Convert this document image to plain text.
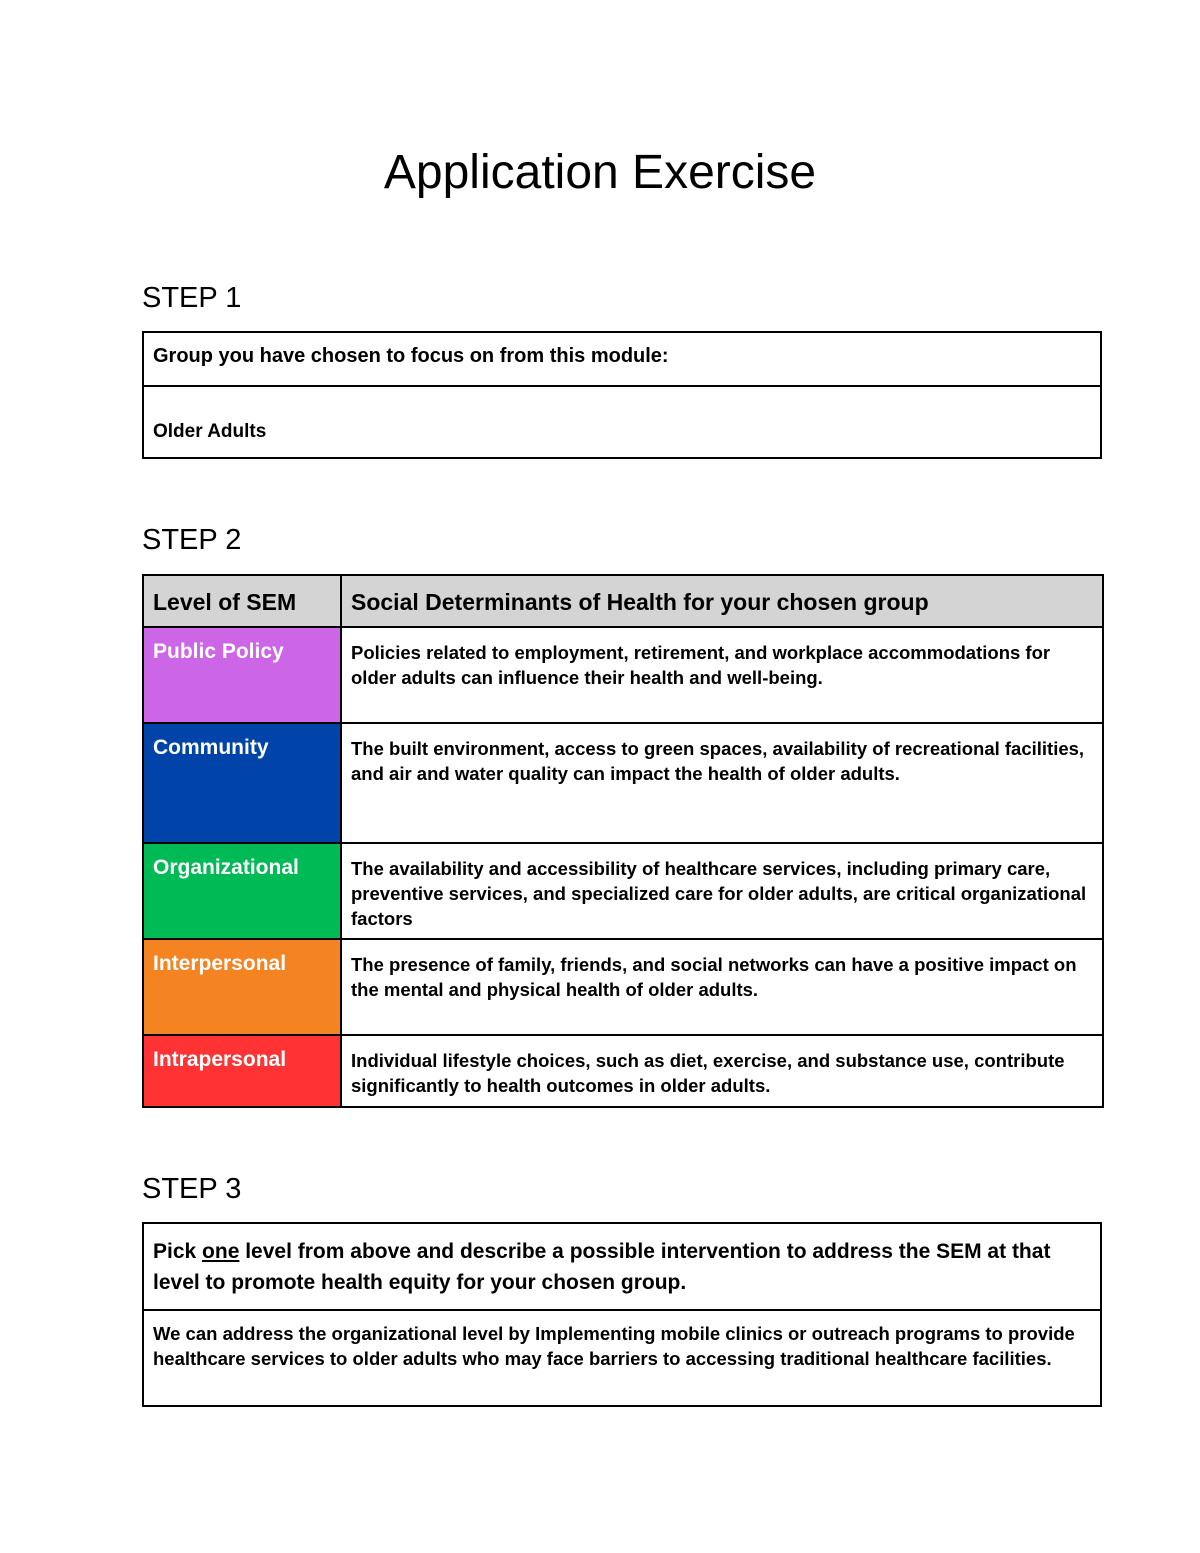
Application Exercise
STEP 1
Group you have chosen to focus on from this module:
Older Adults
STEP 2
Level of SEM	Social Determinants of Health for your chosen group
Public Policy	Policies related to employment, retirement, and workplace accommodations for older adults can influence their health and well-being.
Community	The built environment, access to green spaces, availability of recreational facilities, and air and water quality can impact the health of older adults.
Organizational	The availability and accessibility of healthcare services, including primary care, preventive services, and specialized care for older adults, are critical organizational factors
Interpersonal	The presence of family, friends, and social networks can have a positive impact on the mental and physical health of older adults.
Intrapersonal	Individual lifestyle choices, such as diet, exercise, and substance use, contribute significantly to health outcomes in older adults.
STEP 3
Pick one level from above and describe a possible intervention to address the SEM at that level to promote health equity for your chosen group.
We can address the organizational level by Implementing mobile clinics or outreach programs to provide healthcare services to older adults who may face barriers to accessing traditional healthcare facilities.
